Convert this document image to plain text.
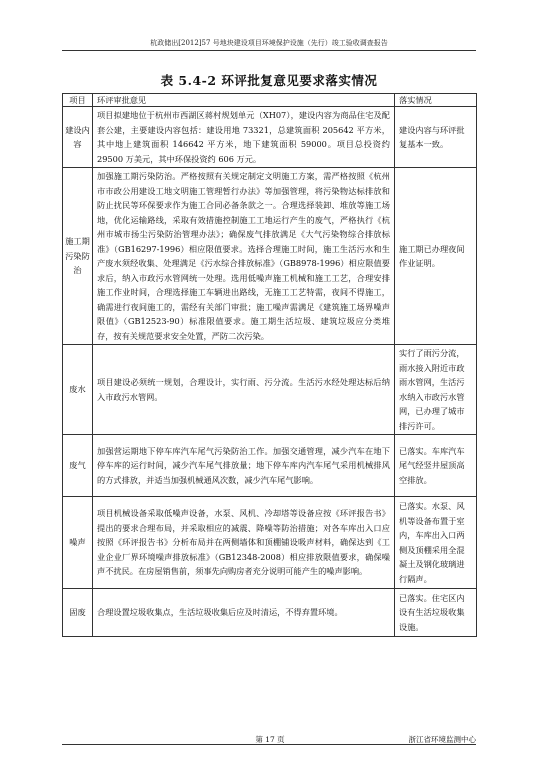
杭政储出[2012]57 号地块建设项目环境保护设施（先行）竣工验收调查报告
表 5.4-2 环评批复意见要求落实情况
项目	环评审批意见	落实情况
建设内容	项目拟建地位于杭州市西湖区蒋村规划单元（XH07），建设内容为商品住宅及配套公建，主要建设内容包括：建设用地 73321，总建筑面积 205642 平方米，其中地上建筑面积 146642 平方米，地下建筑面积 59000。项目总投资约 29500 万美元，其中环保投资约 606 万元。	建设内容与环评批复基本一致。
施工期污染防治	加强施工期污染防治。严格按照有关规定制定文明施工方案，需严格按照《杭州市市政公用建设工地文明施工管理暂行办法》等加强管理，将污染物达标排放和防止扰民等环保要求作为施工合同必备条款之一。合理选择装卸、堆放等施工场地，优化运输路线，采取有效措施控制施工工地运行产生的废气，严格执行《杭州市城市扬尘污染防治管理办法》；确保废气排放满足《大气污染物综合排放标准》（GB16297-1996）相应限值要求。选择合理施工时间，施工生活污水和生产废水须经收集、处理满足《污水综合排放标准》（GB8978-1996）相应限值要求后，纳入市政污水管网统一处理。选用低噪声施工机械和施工工艺，合理安排施工作业时间，合理选择施工车辆进出路线，无施工工艺特需，夜间不得施工，确需进行夜间施工的，需经有关部门审批；施工噪声需满足《建筑施工场界噪声限值》（GB12523-90）标准限值要求。施工期生活垃圾、建筑垃圾应分类堆存，按有关规范要求安全处置，严防二次污染。	施工期已办理夜间作业证明。
废水	项目建设必须统一规划，合理设计，实行雨、污分流。生活污水经处理达标后纳入市政污水管网。	实行了雨污分流，雨水接入附近市政雨水管网，生活污水纳入市政污水管网，已办理了城市排污许可。
废气	加强营运期地下停车库汽车尾气污染防治工作。加强交通管理，减少汽车在地下停车库的运行时间，减少汽车尾气排放量；地下停车库内汽车尾气采用机械排风的方式排放，并适当加强机械通风次数，减少汽车尾气影响。	已落实。车库汽车尾气经竖井屋顶高空排放。
噪声	项目机械设备采取低噪声设备，水泵、风机、冷却塔等设备应按《环评报告书》提出的要求合理布局，并采取相应的减震、降噪等防治措施；对各车库出入口应按照《环评报告书》分析布局并在两侧墙体和顶棚铺设吸声材料，确保达到《工业企业厂界环境噪声排放标准》（GB12348-2008）相应排放限值要求，确保噪声不扰民。在房屋销售前，须事先向购房者充分说明可能产生的噪声影响。	已落实。水泵、风机等设备布置于室内，车库出入口两侧及顶棚采用全混凝土及钢化玻璃进行隔声。
固废	合理设置垃圾收集点，生活垃圾收集后应及时清运，不得弃置环境。	已落实。住宅区内设有生活垃圾收集设施。
第 17 页	浙江省环境监测中心
